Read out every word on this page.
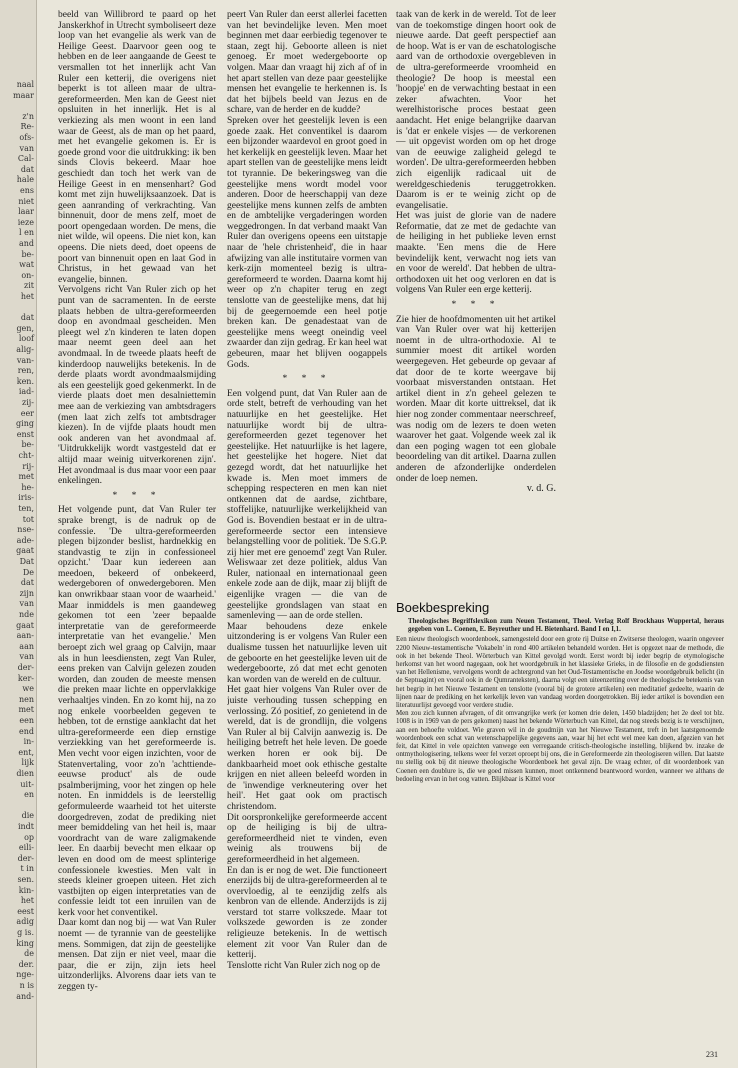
naal
maar
z'n
Re-
ofs-
van
Cal-
dat
hale
ens
niet
laar
ieze
l en
and
be-
wat
on-
zit
het
dat
gen,
loof
alig-
van-
ren,
ken.
iad-
zij-
eer
ging
enst
be-
cht-
rij-
met
he-
iris-
ten,
tot
nse-
ade-
gaat
Dat
De
dat
zijn
van
nde
gaat
aan-
aan
van
der-
ker-
we
nen
met
een
end
in-
ent,
lijk
dien
uit-
en
die
indt
op
eili-
der-
t in
sen.
kin-
het
eest
adig
g is.
king
de
der.
nge-
n is
and-

beeld van Willibrord te paard op het Janskerkhof in Utrecht symboliseert deze loop van het evangelie als werk van de Heilige Geest. Daarvoor geen oog te hebben en de leer aangaande de Geest te versmallen tot het innerlijk acht Van Ruler een ketterij, die overigens niet beperkt is tot alleen maar de ultra-gereformeerden. Men kan de Geest niet opsluiten in het innerlijk. Het is al verkiezing als men woont in een land waar de Geest, als de man op het paard, met het evangelie gekomen is. Er is goede grond voor die uitdrukking: ik ben sinds Clovis bekeerd. Maar hoe geschiedt dan toch het werk van de Heilige Geest in en mensenhart? God komt met zijn huwelijksaanzoek. Dat is geen aanranding of verkrachting. Van binnenuit, door de mens zelf, moet de poort opengedaan worden. De mens, die niet wilde, wil opeens. Die niet kon, kan opeens. Die niets deed, doet opeens de poort van binnenuit open en laat God in Christus, in het gewaad van het evangelie, binnen.
Vervolgens richt Van Ruler zich op het punt van de sacramenten. In de eerste plaats hebben de ultra-gereformeerden doop en avondmaal gescheiden. Men pleegt wel z'n kinderen te laten dopen maar neemt geen deel aan het avondmaal. In de tweede plaats heeft de kinderdoop nauwelijks betekenis. In de derde plaats wordt avondmaalsmijding als een geestelijk goed gekenmerkt. In de vierde plaats doet men desalniettemin mee aan de verkiezing van ambtsdragers (men laat zich zelfs tot ambtsdrager kiezen). In de vijfde plaats houdt men ook anderen van het avondmaal af. 'Uitdrukkelijk wordt vastgesteld dat er altijd maar weinig uitverkorenen zijn'. Het avondmaal is dus maar voor een paar enkelingen.

* * *

Het volgende punt, dat Van Ruler ter sprake brengt, is de nadruk op de confessie. 'De ultra-gereformeerden plegen bijzonder beslist, hardnekkig en standvastig te zijn in confessioneel opzicht.' 'Daar kun iedereen aan meedoen, bekeerd of onbekeerd, wedergeboren of onwedergeboren. Men kan onwrikbaar staan voor de waarheid.' Maar inmiddels is men gaandeweg gekomen tot een 'zeer bepaalde interpretatie van de gereformeerde interpretatie van het evangelie.' Men beroept zich wel graag op Calvijn, maar als in hun leesdiensten, zegt Van Ruler, eens preken van Calvijn gelezen zouden worden, dan zouden de meeste mensen die preken maar lichte en oppervlakkige verhaaltjes vinden. En zo komt hij, na zo nog enkele voorbeelden gegeven te hebben, tot de ernstige aanklacht dat het ultra-gereformeerde een diep ernstige verziekking van het gereformeerde is. Men vecht voor eigen inzichten, voor de Statenvertaling, voor zo'n 'achttiende-eeuwse product' als de oude psalmberijming, voor het zingen op hele noten. En inmiddels is de leerstellig geformuleerde waarheid tot het uiterste doorgedreven, zodat de prediking niet meer bemiddeling van het heil is, maar voordracht van de ware zaligmakende leer. En daarbij bevecht men elkaar op leven en dood om de meest splinterige confessionele kwesties. Men valt in steeds kleiner groepen uiteen. Het zich vastbijten op eigen interpretaties van de confessie leidt tot een inruilen van de kerk voor het conventikel.
Daar komt dan nog bij — wat Van Ruler noemt — de tyrannie van de geestelijke mens. Sommigen, dat zijn de geestelijke mensen. Dat zijn er niet veel, maar die paar, die er zijn, zijn iets heel uitzonderlijks. Alvorens daar iets van te zeggen ty-

peert Van Ruler dan eerst allerlei facetten van het bevindelijke leven. Men moet beginnen met daar eerbiedig tegenover te staan, zegt hij. Geboorte alleen is niet genoeg. Er moet wedergeboorte op volgen. Maar dan vraagt hij zich af of in het apart stellen van deze paar geestelijke mensen het evangelie te herkennen is. Is dat het bijbels beeld van Jezus en de schare, van de herder en de kudde?
Spreken over het geestelijk leven is een goede zaak. Het conventikel is daarom een bijzonder waardevol en groot goed in het kerkelijk en geestelijk leven. Maar het apart stellen van de geestelijke mens leidt tot tyrannie. De bekeringsweg van die geestelijke mens wordt model voor anderen. Door de heerschappij van deze geestelijke mens kunnen zelfs de ambten en de ambtelijke vergaderingen worden weggedrongen. In dat verband maakt Van Ruler dan overigens opeens een uitstapje naar de 'hele christenheid', die in haar afwijzing van alle institutaire vormen van kerk-zijn momenteel bezig is ultra-gereformeerd te worden. Daarna komt hij weer op z'n chapiter terug en zegt tenslotte van de geestelijke mens, dat hij bij de geegernoemde een heel potje breken kan. De genadestaat van de geestelijke mens weegt oneindig veel zwaarder dan zijn gedrag. Er kan heel wat gebeuren, maar het blijven oogappels Gods.

* * *

Een volgend punt, dat Van Ruler aan de orde stelt, betreft de verhouding van het natuurlijke en het geestelijke. Het natuurlijke wordt bij de ultra-gereformeerden gezet tegenover het geestelijke. Het natuurlijke is het lagere, het geestelijke het hogere. Niet dat gezegd wordt, dat het natuurlijke het kwade is. Men moet immers de schepping respecteren en men kan niet ontkennen dat de aardse, zichtbare, stoffelijke, natuurlijke werkelijkheid van God is. Bovendien bestaat er in de ultra-gereformeerde sector een intensieve belangstelling voor de politiek. 'De S.G.P. zij hier met ere genoemd' zegt Van Ruler. Weliswaar zet deze politiek, aldus Van Ruler, nationaal en internationaal geen enkele zode aan de dijk, maar zij blijft de eigenlijke vragen — die van de geestelijke grondslagen van staat en samenleving — aan de orde stellen.
Maar behoudens deze enkele uitzondering is er volgens Van Ruler een dualisme tussen het natuurlijke leven uit de geboorte en het geestelijke leven uit de wedergeboorte, zó dat met echt genoten kan worden van de wereld en de cultuur.
Het gaat hier volgens Van Ruler over de juiste verhouding tussen schepping en verlossing. Zó positief, zo genietend in de wereld, dat is de grondlijn, die volgens Van Ruler al bij Calvijn aanwezig is. De heiliging betreft het hele leven. De goede werken horen er ook bij. De dankbaarheid moet ook ethische gestalte krijgen en niet alleen beleefd worden in de 'inwendige verkneutering over het heil'. Het gaat ook om practisch christendom.
Dit oorspronkelijke gereformeerde accent op de heiliging is bij de ultra-gereformeerdheid niet te vinden, even weinig als trouwens bij de gereformeerdheid in het algemeen.
En dan is er nog de wet. Die functioneert enerzijds bij de ultra-gereformeerden al te overvloedig, al te eenzijdig zelfs als kenbron van de ellende. Anderzijds is zij verstard tot starre volkszede. Maar tot volkszede geworden is ze zonder religieuze betekenis. In de wettisch element zit voor Van Ruler dan de ketterij.
Tenslotte richt Van Ruler zich nog op de

taak van de kerk in de wereld. Tot de leer van de toekomstige dingen hoort ook de nieuwe aarde. Dat geeft perspectief aan de hoop. Wat is er van de eschatologische aard van de orthodoxie overgebleven in de ultra-gereformeerde vroomheid en theologie? De hoop is meestal een 'hoopje' en de verwachting bestaat in een zeker afwachten. Voor het werelhistorische proces bestaat geen aandacht. Het enige belangrijke daarvan is 'dat er enkele visjes — de verkorenen — uit opgevist worden om op het droge van de eeuwige zaligheid gelegd te worden'. De ultra-gereformeerden hebben zich eigenlijk radicaal uit de wereldgeschiedenis teruggetrokken. Daarom is er te weinig zicht op de evangelisatie.
Het was juist de glorie van de nadere Reformatie, dat ze met de gedachte van de heiliging in het publieke leven ernst maakte. 'Een mens die de Here bevindelijk kent, verwacht nog iets van en voor de wereld'. Dat hebben de ultra-orthodoxen uit het oog verloren en dat is volgens Van Ruler een erge ketterij.

* * *

Zie hier de hoofdmomenten uit het artikel van Van Ruler over wat hij ketterijen noemt in de ultra-orthodoxie. Al te summier moest dit artikel worden weergegeven. Het gebeurde op gevaar af dat door de te korte weergave bij voorbaat misverstanden ontstaan. Het artikel dient in z'n geheel gelezen te worden. Maar dit korte uittreksel, dat ik hier nog zonder commentaar neerschreef, was nodig om de lezers te doen weten waarover het gaat. Volgende week zal ik dan een poging wagen tot een globale beoordeling van dit artikel. Daarna zullen anderen de afzonderlijke onderdelen onder de loep nemen.

v. d. G.
Boekbespreking
Theologisches Begriffslexikon zum Neuen Testament, Theol. Verlag Rolf Brockhaus Wuppertal, heraus gegeben von L. Coenen, E. Beyreuther und H. Bietenhard. Band I en I,1.
Een nieuw theologisch woordenboek, samengesteld door een grote rij Duitse en Zwitserse theologen, waarin ongeveer 2200 Nieuw-testamentische 'Vokabeln' in rond 400 artikelen behandeld worden. Het is opgezet naar de methode, die ook in het bekende Theol. Wörterbuch van Kittel gevolgd wordt. Eerst wordt bij ieder begrip de etymologische herkomst van het woord nagegaan, ook het woordgebruik in het klassieke Grieks, in de filosofie en de godsdiensten van het Hellenisme, vervolgens wordt de achtergrond van het Oud-Testamentische en Joodse woordgebruik belicht (in de Septuagint) en vooral ook in de Qumranteksten), daarna volgt een uiteenzetting over de theologische betekenis van het begrip in het Nieuwe Testament en tenslotte (vooral bij de grotere artikelen) een meditatief gedeelte, waarin de lijnen naar de prediking en het kerkelijk leven van vandaag worden doorgetrokken. Bij ieder artikel is bovendien een literatuurlijst gevoegd voor verdere studie.
Men zou zich kunnen afvragen, of dit omvangrijke werk (er komen drie delen, 1450 bladzijden; het 2e deel tot blz. 1008 is in 1969 van de pers gekomen) naast het bekende Wörterbuch van Kittel, dat nog steeds bezig is te verschijnen, aan een behoefte voldoet. Wie graven wil in de goudmijn van het Nieuwe Testament, treft in het laatstgenoemde woordenboek een schat van wetenschappelijke gegevens aan, waar hij het echt wel mee kan doen, afgezien van het feit, dat Kittel in vele opzichten vanwege een verregaande critisch-theologische instelling, blijkend bv. inzake de ontmythologisering, telkens weer fel verzet oproept bij ons, die in Gereformeerde zin theologiseren willen. Dat laatste nu stellig ook bij dit nieuwe theologische Woordenboek het geval zijn. De vraag echter, of dit woordenboek van Coenen een doublure is, die we goed missen kunnen, moet ontkennend beantwoord worden, wanneer we althans de bedoeling ervan in het oog vatten. Blijkbaar is Kittel voor
231
